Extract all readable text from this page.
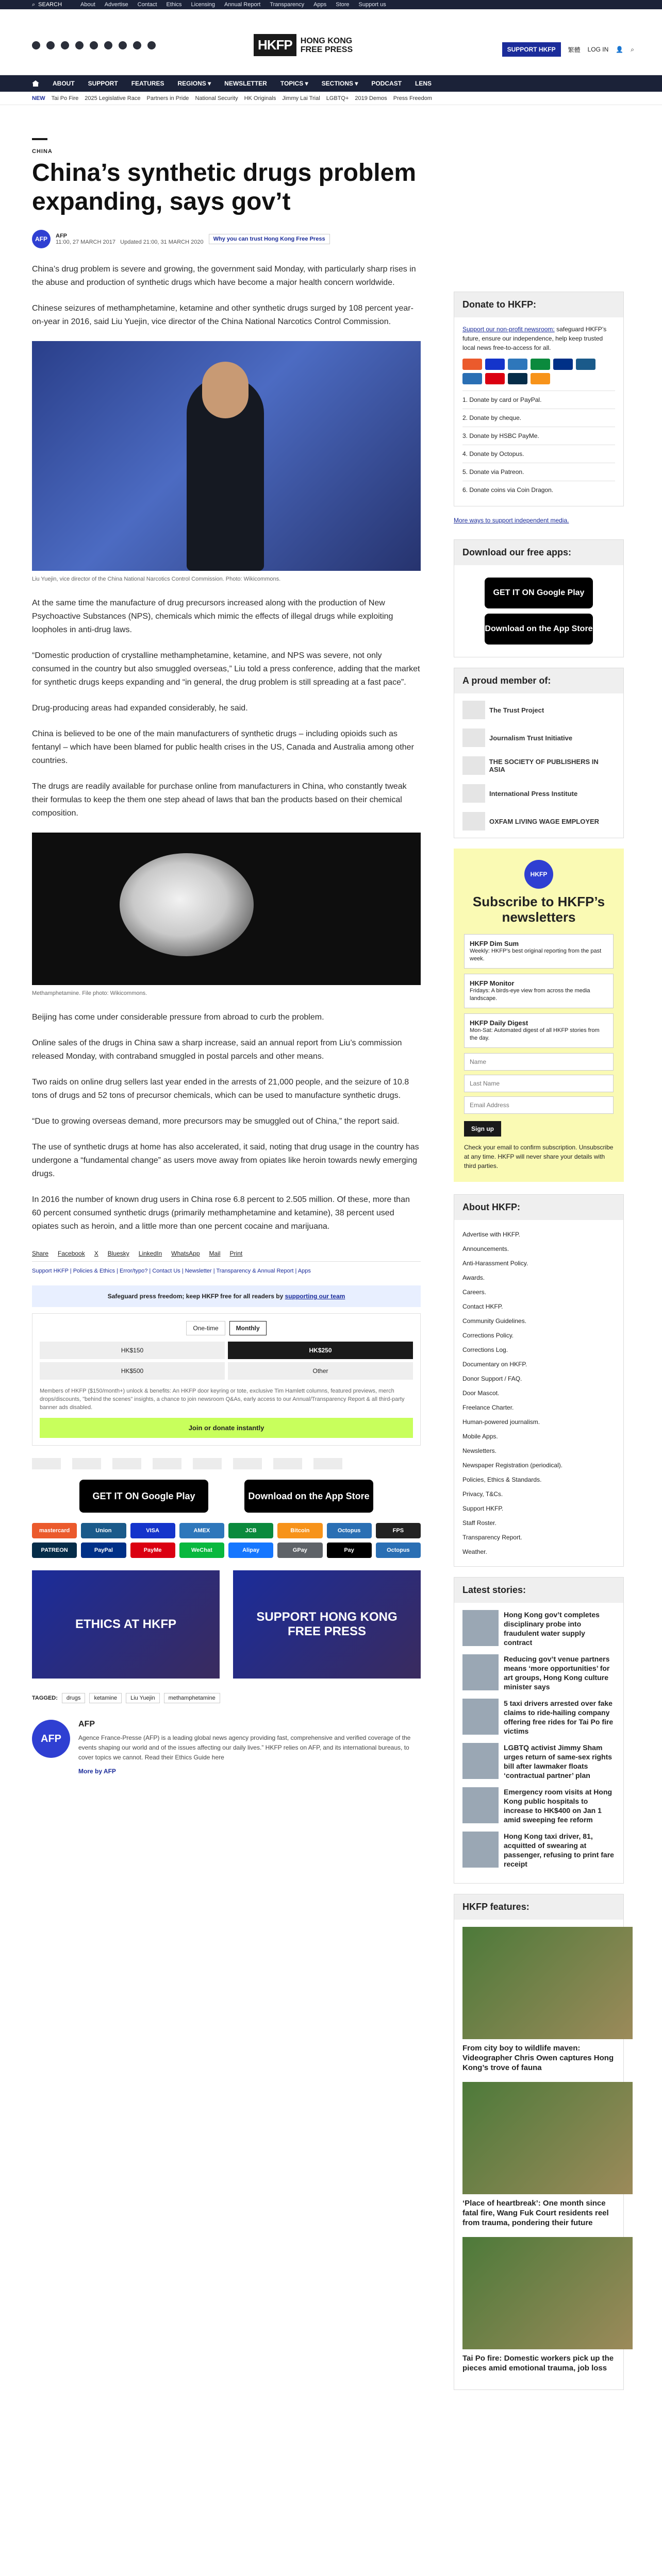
⌕ SEARCH	About Advertise Contact Ethics Licensing Annual Report Transparency Apps Store Support us
HKFP	HONG KONG
FREE PRESS	SUPPORT HKFP	繁體 LOG IN 👤 ⌕
ABOUT SUPPORT FEATURES REGIONS ▾ NEWSLETTER TOPICS ▾ SECTIONS ▾ PODCAST LENS
NEW Tai Po Fire 2025 Legislative Race Partners in Pride National Security HK Originals Jimmy Lai Trial LGBTQ+ 2019 Demos Press Freedom
CHINA
China’s synthetic drugs problem expanding, says gov’t
AFP	AFP
11:00, 27 MARCH 2017 Updated 21:00, 31 MARCH 2020	Why you can trust Hong Kong Free Press

China’s drug problem is severe and growing, the government said Monday, with particularly sharp rises in the abuse and production of synthetic drugs which have become a major health concern worldwide.

Chinese seizures of methamphetamine, ketamine and other synthetic drugs surged by 108 percent year-on-year in 2016, said Liu Yuejin, vice director of the China National Narcotics Control Commission.

Liu Yuejin, vice director of the China National Narcotics Control Commission. Photo: Wikicommons.

At the same time the manufacture of drug precursors increased along with the production of New Psychoactive Substances (NPS), chemicals which mimic the effects of illegal drugs while exploiting loopholes in anti-drug laws.

“Domestic production of crystalline methamphetamine, ketamine, and NPS was severe, not only consumed in the country but also smuggled overseas,” Liu told a press conference, adding that the market for synthetic drugs keeps expanding and “in general, the drug problem is still spreading at a fast pace”.

Drug-producing areas had expanded considerably, he said.

China is believed to be one of the main manufacturers of synthetic drugs – including opioids such as fentanyl – which have been blamed for public health crises in the US, Canada and Australia among other countries.

The drugs are readily available for purchase online from manufacturers in China, who constantly tweak their formulas to keep the them one step ahead of laws that ban the products based on their chemical composition.

Methamphetamine. File photo: Wikicommons.

Beijing has come under considerable pressure from abroad to curb the problem.

Online sales of the drugs in China saw a sharp increase, said an annual report from Liu’s commission released Monday, with contraband smuggled in postal parcels and other means.

Two raids on online drug sellers last year ended in the arrests of 21,000 people, and the seizure of 10.8 tons of drugs and 52 tons of precursor chemicals, which can be used to manufacture synthetic drugs.

“Due to growing overseas demand, more precursors may be smuggled out of China,” the report said.

The use of synthetic drugs at home has also accelerated, it said, noting that drug usage in the country has undergone a “fundamental change” as users move away from opiates like heroin towards newly emerging drugs.

In 2016 the number of known drug users in China rose 6.8 percent to 2.505 million. Of these, more than 60 percent consumed synthetic drugs (primarily methamphetamine and ketamine), 38 percent used opiates such as heroin, and a little more than one percent cocaine and marijuana.

Share Facebook X Bluesky LinkedIn WhatsApp Mail Print
Support HKFP | Policies & Ethics | Error/typo? | Contact Us | Newsletter | Transparency & Annual Report | Apps
Safeguard press freedom; keep HKFP free for all readers by supporting our team
One-time	Monthly
HK$150	HK$250
HK$500	Other
Members of HKFP ($150/month+) unlock & benefits: An HKFP door keyring or tote, exclusive Tim Hamlett columns, featured previews, merch drops/discounts, "behind the scenes" insights, a chance to join newsroom Q&As, early access to our Annual/Transparency Report & all third-party banner ads disabled.
Join or donate instantly
GET IT ON Google Play	Download on the App Store
mastercard	Union	VISA	AMEX	JCB	Bitcoin	Octopus	FPS
PATREON	PayPal	PayMe	WeChat	Alipay	GPay	Pay	Octopus
ETHICS AT HKFP
SUPPORT HONG KONG FREE PRESS
TAGGED:	drugs	ketamine	Liu Yuejin	methamphetamine
AFP
AFP
Agence France-Presse (AFP) is a leading global news agency providing fast, comprehensive and verified coverage of the events shaping our world and of the issues affecting our daily lives.” HKFP relies on AFP, and its international bureaus, to cover topics we cannot. Read their Ethics Guide here
More by AFP
Donate to HKFP:
Support our non-profit newsroom: safeguard HKFP’s future, ensure our independence, help keep trusted local news free-to-access for all.
1. Donate by card or PayPal.
2. Donate by cheque.
3. Donate by HSBC PayMe.
4. Donate by Octopus.
5. Donate via Patreon.
6. Donate coins via Coin Dragon.
More ways to support independent media.
Download our free apps:
GET IT ON Google Play
Download on the App Store
A proud member of:
The Trust Project
Journalism Trust Initiative
THE SOCIETY OF PUBLISHERS IN ASIA
International Press Institute
OXFAM LIVING WAGE EMPLOYER
HKFP
Subscribe to HKFP’s newsletters
HKFP Dim Sum
Weekly: HKFP’s best original reporting from the past week.
HKFP Monitor
Fridays: A birds-eye view from across the media landscape.
HKFP Daily Digest
Mon-Sat: Automated digest of all HKFP stories from the day.
Name Last Name Email Address Sign up
Check your email to confirm subscription. Unsubscribe at any time. HKFP will never share your details with third parties.
About HKFP:
Advertise with HKFP.
Announcements.
Anti-Harassment Policy.
Awards.
Careers.
Contact HKFP.
Community Guidelines.
Corrections Policy.
Corrections Log.
Documentary on HKFP.
Donor Support / FAQ.
Door Mascot.
Freelance Charter.
Human-powered journalism.
Mobile Apps.
Newsletters.
Newspaper Registration (periodical).
Policies, Ethics & Standards.
Privacy, T&Cs.
Support HKFP.
Staff Roster.
Transparency Report.
Weather.
Latest stories:
Hong Kong gov’t completes disciplinary probe into fraudulent water supply contract
Reducing gov’t venue partners means ‘more opportunities’ for art groups, Hong Kong culture minister says
5 taxi drivers arrested over fake claims to ride-hailing company offering free rides for Tai Po fire victims
LGBTQ activist Jimmy Sham urges return of same-sex rights bill after lawmaker floats ‘contractual partner’ plan
Emergency room visits at Hong Kong public hospitals to increase to HK$400 on Jan 1 amid sweeping fee reform
Hong Kong taxi driver, 81, acquitted of swearing at passenger, refusing to print fare receipt
HKFP features:
From city boy to wildlife maven: Videographer Chris Owen captures Hong Kong’s trove of fauna
‘Place of heartbreak’: One month since fatal fire, Wang Fuk Court residents reel from trauma, pondering their future
Tai Po fire: Domestic workers pick up the pieces amid emotional trauma, job loss
